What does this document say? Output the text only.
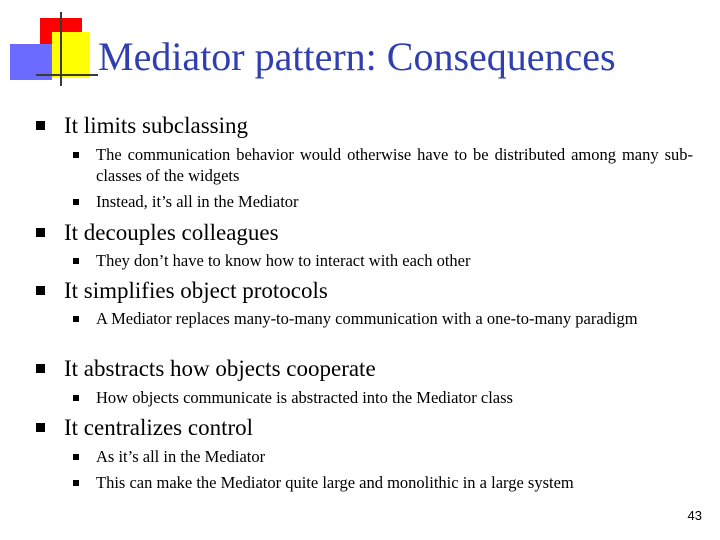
Mediator pattern: Consequences
It limits subclassing
The communication behavior would otherwise have to be distributed among many sub-classes of the widgets
Instead, it’s all in the Mediator
It decouples colleagues
They don’t have to know how to interact with each other
It simplifies object protocols
A Mediator replaces many-to-many communication with a one-to-many paradigm
It abstracts how objects cooperate
How objects communicate is abstracted into the Mediator class
It centralizes control
As it’s all in the Mediator
This can make the Mediator quite large and monolithic in a large system
43
